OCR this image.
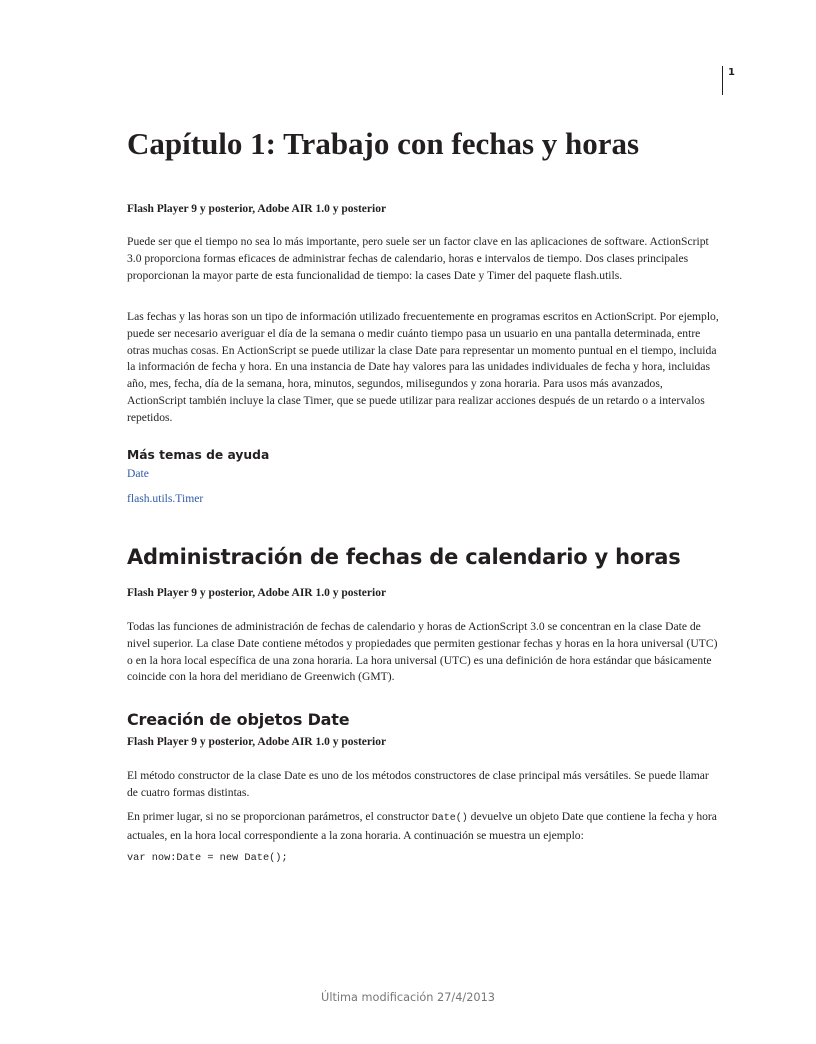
1
Capítulo 1: Trabajo con fechas y horas

Flash Player 9 y posterior, Adobe AIR 1.0 y posterior

Puede ser que el tiempo no sea lo más importante, pero suele ser un factor clave en las aplicaciones de software. ActionScript 3.0 proporciona formas eficaces de administrar fechas de calendario, horas e intervalos de tiempo. Dos clases principales proporcionan la mayor parte de esta funcionalidad de tiempo: la cases Date y Timer del paquete flash.utils.

Las fechas y las horas son un tipo de información utilizado frecuentemente en programas escritos en ActionScript. Por ejemplo, puede ser necesario averiguar el día de la semana o medir cuánto tiempo pasa un usuario en una pantalla determinada, entre otras muchas cosas. En ActionScript se puede utilizar la clase Date para representar un momento puntual en el tiempo, incluida la información de fecha y hora. En una instancia de Date hay valores para las unidades individuales de fecha y hora, incluidas año, mes, fecha, día de la semana, hora, minutos, segundos, milisegundos y zona horaria. Para usos más avanzados, ActionScript también incluye la clase Timer, que se puede utilizar para realizar acciones después de un retardo o a intervalos repetidos.

Más temas de ayuda

Date
flash.utils.Timer
Administración de fechas de calendario y horas

Flash Player 9 y posterior, Adobe AIR 1.0 y posterior

Todas las funciones de administración de fechas de calendario y horas de ActionScript 3.0 se concentran en la clase Date de nivel superior. La clase Date contiene métodos y propiedades que permiten gestionar fechas y horas en la hora universal (UTC) o en la hora local específica de una zona horaria. La hora universal (UTC) es una definición de hora estándar que básicamente coincide con la hora del meridiano de Greenwich (GMT).

Creación de objetos Date

Flash Player 9 y posterior, Adobe AIR 1.0 y posterior

El método constructor de la clase Date es uno de los métodos constructores de clase principal más versátiles. Se puede llamar de cuatro formas distintas.

En primer lugar, si no se proporcionan parámetros, el constructor Date() devuelve un objeto Date que contiene la fecha y hora actuales, en la hora local correspondiente a la zona horaria. A continuación se muestra un ejemplo:

var now:Date = new Date();
Última modificación 27/4/2013
